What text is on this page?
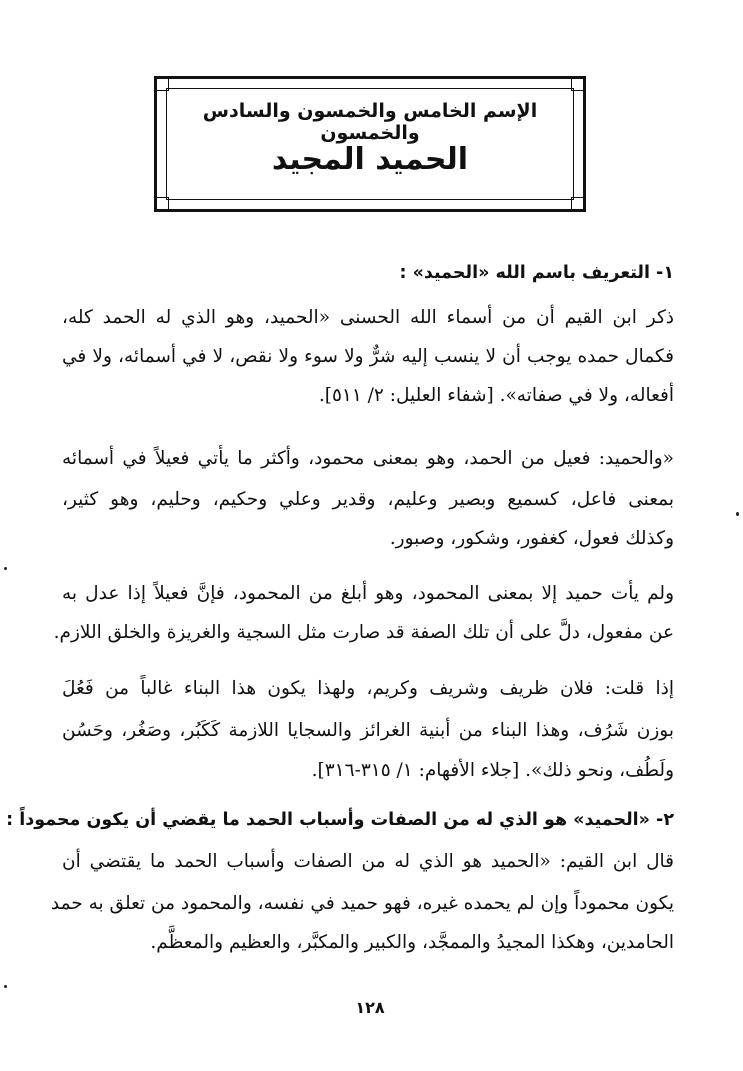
الإسم الخامس والخمسون والسادس والخمسون
الحميد المجيد
١- التعريف باسم الله «الحميد» :
ذكر ابن القيم أن من أسماء الله الحسنى «الحميد، وهو الذي له الحمد كله،
فكمال حمده يوجب أن لا ينسب إليه شرٌّ ولا سوء ولا نقص، لا في أسمائه، ولا في
أفعاله، ولا في صفاته». [شفاء العليل: ٢/ ٥١١].
«والحميد: فعيل من الحمد، وهو بمعنى محمود، وأكثر ما يأتي فعيلاً في أسمائه
بمعنى فاعل، كسميع وبصير وعليم، وقدير وعلي وحكيم، وحليم، وهو كثير،
وكذلك فعول، كغفور، وشكور، وصبور.
ولم يأت حميد إلا بمعنى المحمود، وهو أبلغ من المحمود، فإنَّ فعيلاً إذا عدل به
عن مفعول، دلَّ على أن تلك الصفة قد صارت مثل السجية والغريزة والخلق اللازم.
إذا قلت: فلان ظريف وشريف وكريم، ولهذا يكون هذا البناء غالباً من فَعُلَ
بوزن شَرُف، وهذا البناء من أبنية الغرائز والسجايا اللازمة كَكَبُر، وصَغُر، وحَسُن
ولَطُف، ونحو ذلك». [جلاء الأفهام: ١/ ٣١٥-٣١٦].
٢- «الحميد» هو الذي له من الصفات وأسباب الحمد ما يقضي أن يكون محموداً :
قال ابن القيم: «الحميد هو الذي له من الصفات وأسباب الحمد ما يقتضي أن
يكون محموداً وإن لم يحمده غيره، فهو حميد في نفسه، والمحمود من تعلق به حمد
الحامدين، وهكذا المجيدُ والممجَّد، والكبير والمكبَّر، والعظيم والمعظَّم.
١٢٨
